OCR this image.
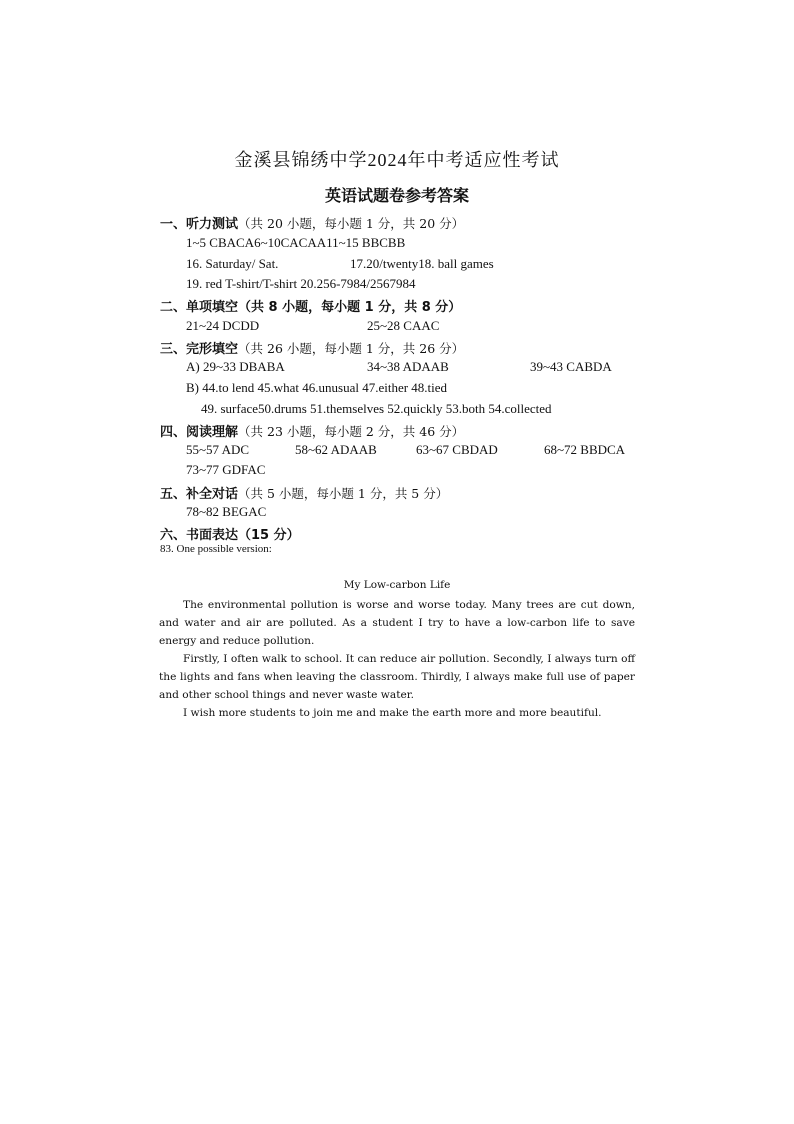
金溪县锦绣中学2024年中考适应性考试
英语试题卷参考答案
一、听力测试（共 20 小题，每小题 1 分，共 20 分）
1~5 CBACA6~10CACAA11~15 BBCBB
16. Saturday/ Sat.	17.20/twenty18. ball games
19. red T-shirt/T-shirt 20.256-7984/2567984
二、单项填空（共 8 小题，每小题 1 分，共 8 分）
21~24 DCDD	25~28 CAAC
三、完形填空（共 26 小题，每小题 1 分，共 26 分）
A) 29~33 DBABA	34~38 ADAAB	39~43 CABDA
B) 44.to lend 45.what 46.unusual 47.either 48.tied
49. surface50.drums 51.themselves 52.quickly 53.both 54.collected
四、阅读理解（共 23 小题，每小题 2 分，共 46 分）
55~57 ADC	58~62 ADAAB	63~67 CBDAD	68~72 BBDCA
73~77 GDFAC
五、补全对话（共 5 小题，每小题 1 分，共 5 分）
78~82 BEGAC
六、书面表达（15 分）
83. One possible version:
My Low-carbon Life

The environmental pollution is worse and worse today. Many trees are cut down, and water and air are polluted. As a student I try to have a low-carbon life to save energy and reduce pollution.

Firstly, I often walk to school. It can reduce air pollution. Secondly, I always turn off the lights and fans when leaving the classroom. Thirdly, I always make full use of paper and other school things and never waste water.

I wish more students to join me and make the earth more and more beautiful.
